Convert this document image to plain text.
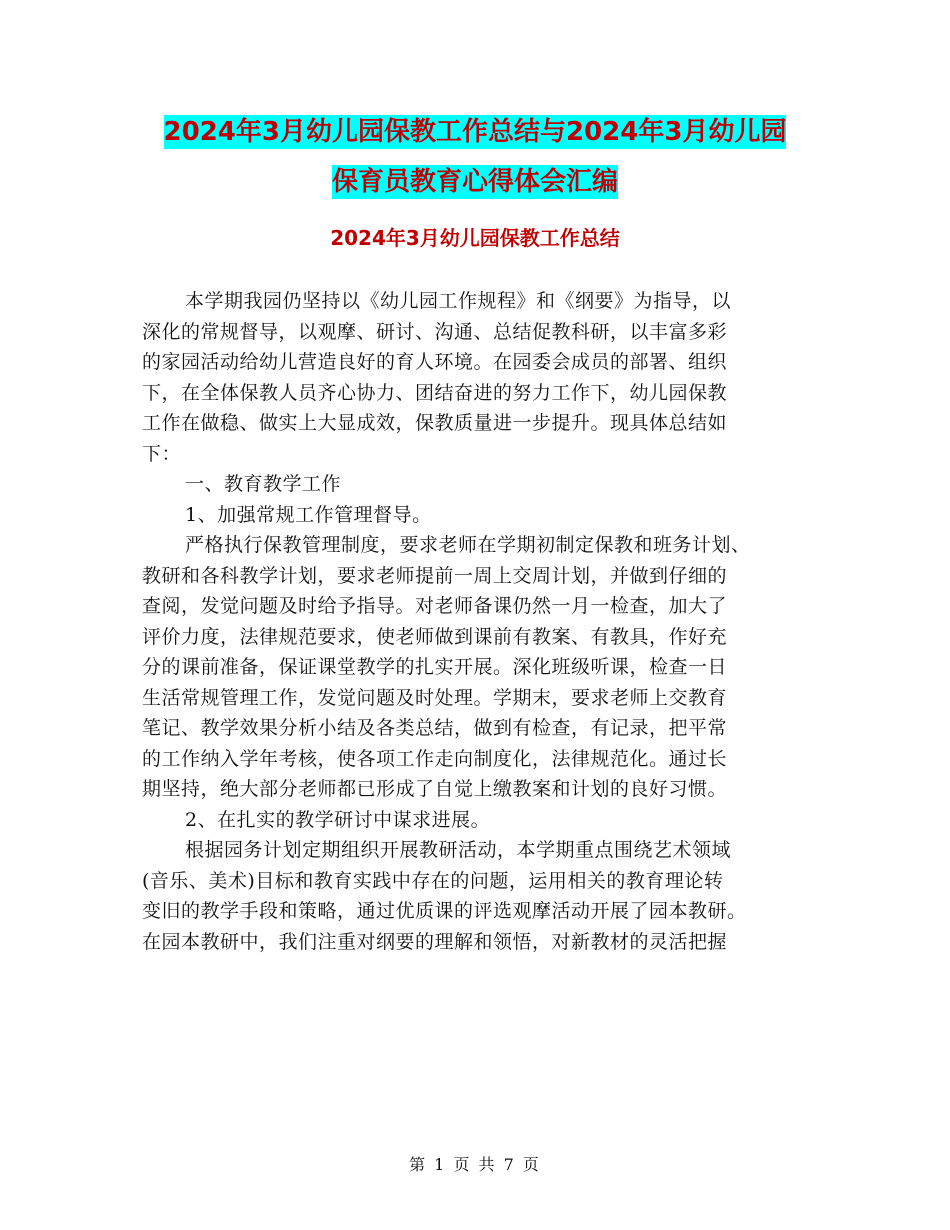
2024年3月幼儿园保教工作总结与2024年3月幼儿园
保育员教育心得体会汇编
2024年3月幼儿园保教工作总结
本学期我园仍坚持以《幼儿园工作规程》和《纲要》为指导，以
深化的常规督导，以观摩、研讨、沟通、总结促教科研，以丰富多彩
的家园活动给幼儿营造良好的育人环境。在园委会成员的部署、组织
下，在全体保教人员齐心协力、团结奋进的努力工作下，幼儿园保教
工作在做稳、做实上大显成效，保教质量进一步提升。现具体总结如
下：
一、教育教学工作
1、加强常规工作管理督导。
严格执行保教管理制度，要求老师在学期初制定保教和班务计划、
教研和各科教学计划，要求老师提前一周上交周计划，并做到仔细的
查阅，发觉问题及时给予指导。对老师备课仍然一月一检查，加大了
评价力度，法律规范要求，使老师做到课前有教案、有教具，作好充
分的课前准备，保证课堂教学的扎实开展。深化班级听课，检查一日
生活常规管理工作，发觉问题及时处理。学期末，要求老师上交教育
笔记、教学效果分析小结及各类总结，做到有检查，有记录，把平常
的工作纳入学年考核，使各项工作走向制度化，法律规范化。通过长
期坚持，绝大部分老师都已形成了自觉上缴教案和计划的良好习惯。
2、在扎实的教学研讨中谋求进展。
根据园务计划定期组织开展教研活动，本学期重点围绕艺术领域
(音乐、美术)目标和教育实践中存在的问题，运用相关的教育理论转
变旧的教学手段和策略，通过优质课的评选观摩活动开展了园本教研。
在园本教研中，我们注重对纲要的理解和领悟，对新教材的灵活把握
第 1 页 共 7 页
